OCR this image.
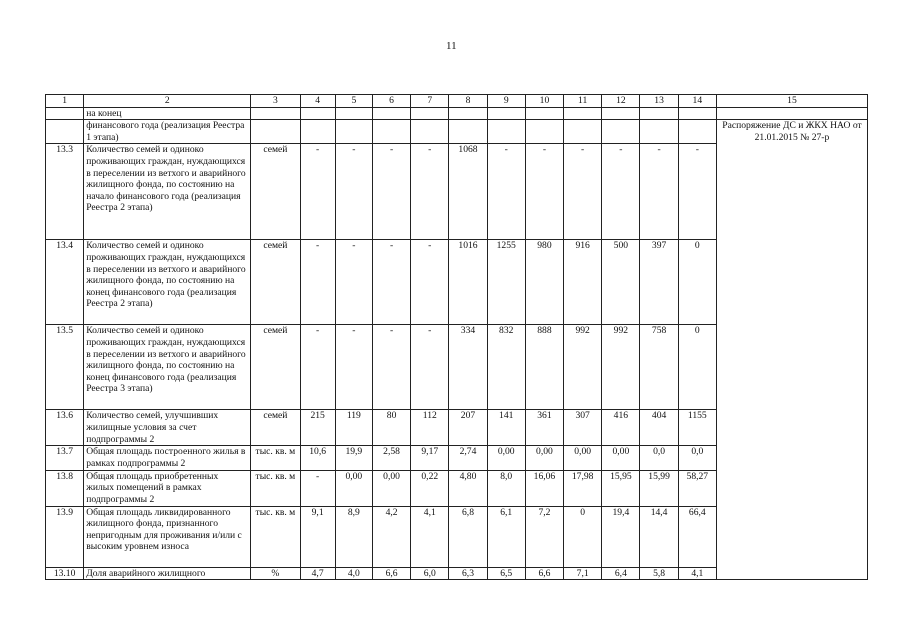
11
1	2	3	4	5	6	7	8	9	10	11	12	13	14	15
	на конец													
	финансового года (реализация Реестра 1 этапа)													Распоряжение ДС и ЖКХ НАО от 21.01.2015 № 27-р
13.3	Количество семей и одиноко проживающих граждан, нуждающихся в переселении из ветхого и аварийного жилищного фонда, по состоянию на начало финансового года (реализация Реестра 2 этапа)	семей	-	-	-	-	1068	-	-	-	-	-	-	
13.4	Количество семей и одиноко проживающих граждан, нуждающихся в переселении из ветхого и аварийного жилищного фонда, по состоянию на конец финансового года (реализация Реестра 2 этапа)	семей	-	-	-	-	1016	1255	980	916	500	397	0	
13.5	Количество семей и одиноко проживающих граждан, нуждающихся в переселении из ветхого и аварийного жилищного фонда, по состоянию на конец финансового года (реализация Реестра 3 этапа)	семей	-	-	-	-	334	832	888	992	992	758	0	
13.6	Количество семей, улучшивших жилищные условия за счет подпрограммы 2	семей	215	119	80	112	207	141	361	307	416	404	1155	
13.7	Общая площадь построенного жилья в рамках подпрограммы 2	тыс. кв. м	10,6	19,9	2,58	9,17	2,74	0,00	0,00	0,00	0,00	0,0	0,0	
13.8	Общая площадь приобретенных жилых помещений в рамках подпрограммы 2	тыс. кв. м	-	0,00	0,00	0,22	4,80	8,0	16,06	17,98	15,95	15,99	58,27	
13.9	Общая площадь ликвидированного жилищного фонда, признанного непригодным для проживания и/или с высоким уровнем износа	тыс. кв. м	9,1	8,9	4,2	4,1	6,8	6,1	7,2	0	19,4	14,4	66,4	
13.10	Доля аварийного жилищного	%	4,7	4,0	6,6	6,0	6,3	6,5	6,6	7,1	6,4	5,8	4,1	
